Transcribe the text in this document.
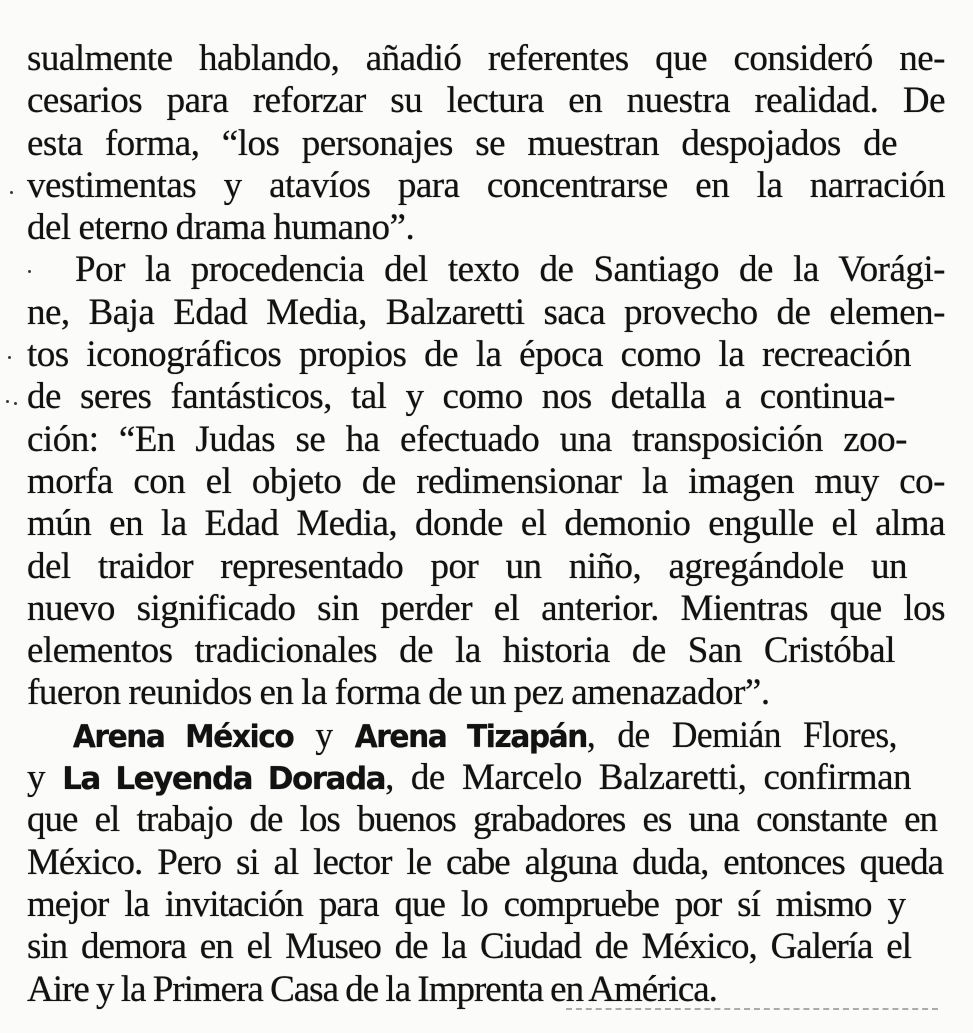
sualmente hablando, añadió referentes que consideró ne-
cesarios para reforzar su lectura en nuestra realidad. De
esta forma, “los personajes se muestran despojados de
vestimentas y atavíos para concentrarse en la narración
del eterno drama humano”.
Por la procedencia del texto de Santiago de la Vorági-
ne, Baja Edad Media, Balzaretti saca provecho de elemen-
tos iconográficos propios de la época como la recreación
de seres fantásticos, tal y como nos detalla a continua-
ción: “En Judas se ha efectuado una transposición zoo-
morfa con el objeto de redimensionar la imagen muy co-
mún en la Edad Media, donde el demonio engulle el alma
del traidor representado por un niño, agregándole un
nuevo significado sin perder el anterior. Mientras que los
elementos tradicionales de la historia de San Cristóbal
fueron reunidos en la forma de un pez amenazador”.
Arena México y Arena Tizapán, de Demián Flores,
y La Leyenda Dorada, de Marcelo Balzaretti, confirman
que el trabajo de los buenos grabadores es una constante en
México. Pero si al lector le cabe alguna duda, entonces queda
mejor la invitación para que lo compruebe por sí mismo y
sin demora en el Museo de la Ciudad de México, Galería el
Aire y la Primera Casa de la Imprenta en América.
